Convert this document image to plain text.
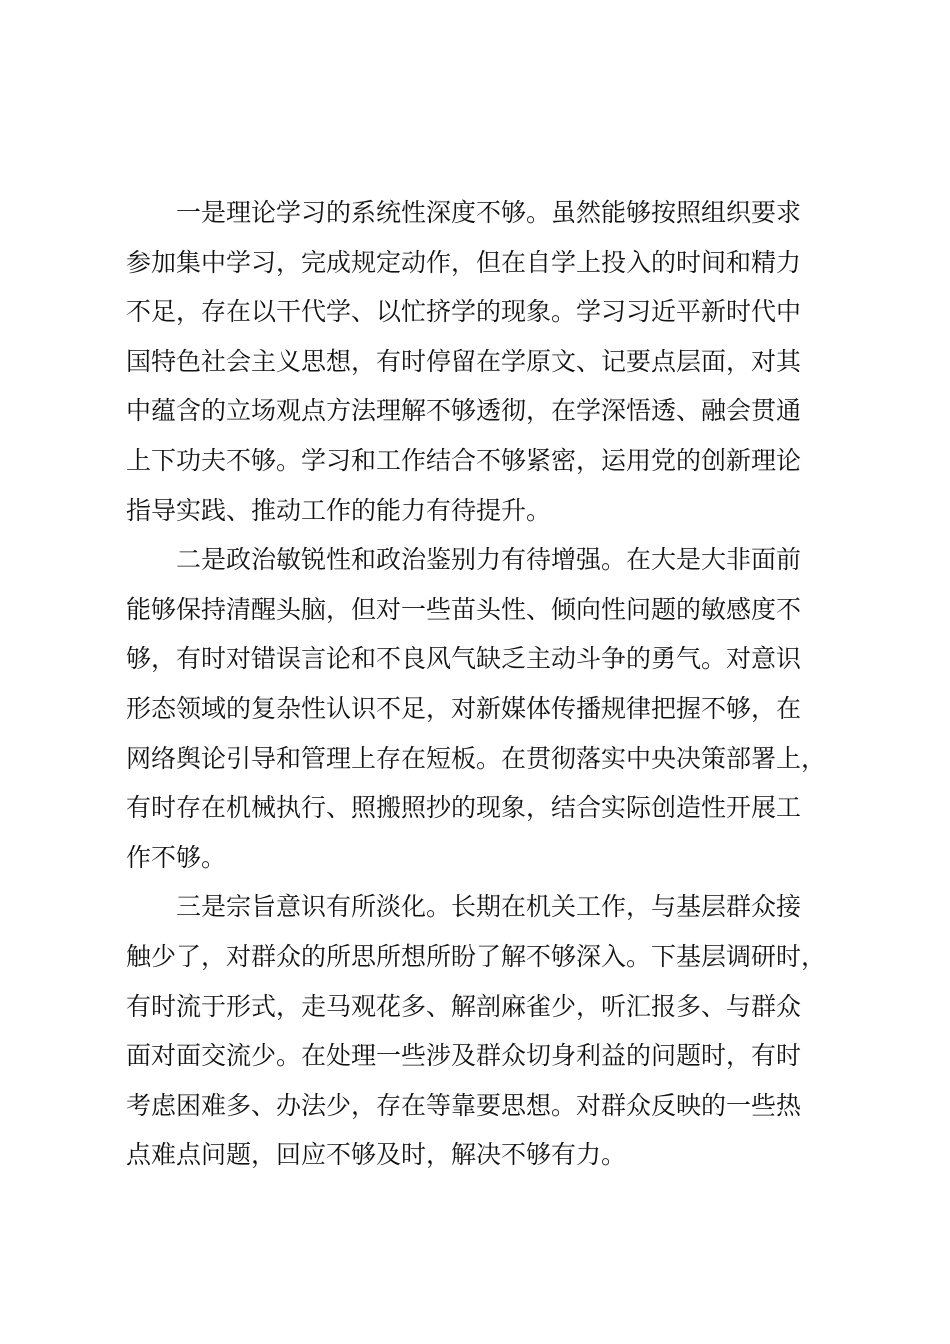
一是理论学习的系统性深度不够。虽然能够按照组织要求
参加集中学习，完成规定动作，但在自学上投入的时间和精力
不足，存在以干代学、以忙挤学的现象。学习习近平新时代中
国特色社会主义思想，有时停留在学原文、记要点层面，对其
中蕴含的立场观点方法理解不够透彻，在学深悟透、融会贯通
上下功夫不够。学习和工作结合不够紧密，运用党的创新理论
指导实践、推动工作的能力有待提升。
二是政治敏锐性和政治鉴别力有待增强。在大是大非面前
能够保持清醒头脑，但对一些苗头性、倾向性问题的敏感度不
够，有时对错误言论和不良风气缺乏主动斗争的勇气。对意识
形态领域的复杂性认识不足，对新媒体传播规律把握不够，在
网络舆论引导和管理上存在短板。在贯彻落实中央决策部署上，
有时存在机械执行、照搬照抄的现象，结合实际创造性开展工
作不够。
三是宗旨意识有所淡化。长期在机关工作，与基层群众接
触少了，对群众的所思所想所盼了解不够深入。下基层调研时，
有时流于形式，走马观花多、解剖麻雀少，听汇报多、与群众
面对面交流少。在处理一些涉及群众切身利益的问题时，有时
考虑困难多、办法少，存在等靠要思想。对群众反映的一些热
点难点问题，回应不够及时，解决不够有力。
